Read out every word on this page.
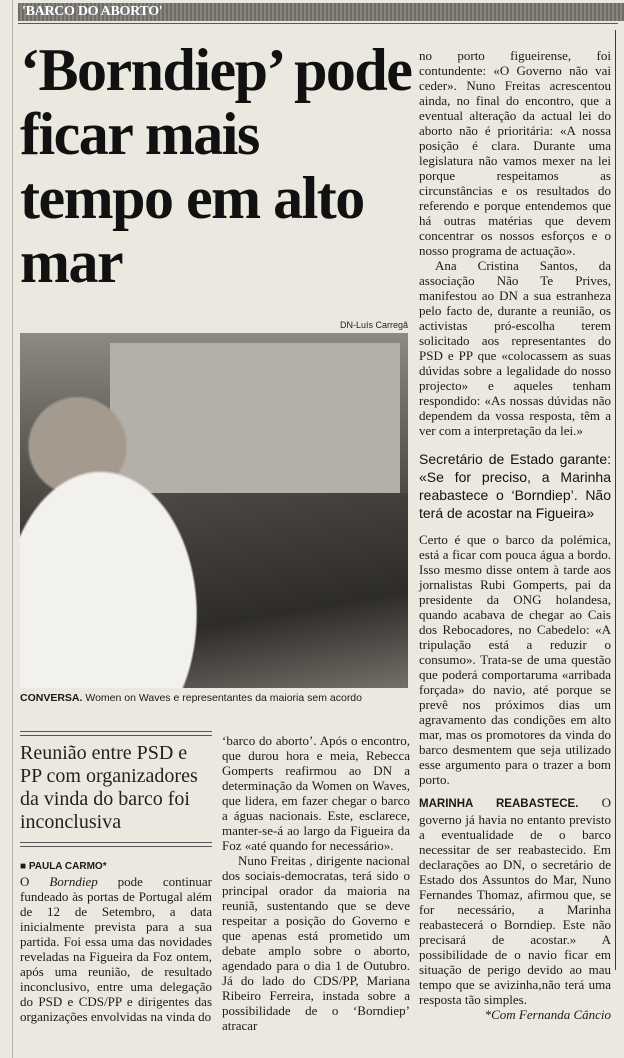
'BARCO DO ABORTO'
‘Borndiep’ pode ficar mais tempo em alto mar
DN-Luís Carregã
CONVERSA. Women on Waves e representantes da maioria sem acordo
Reunião entre PSD e PP com organizadores da vinda do barco foi inconclusiva
■ PAULA CARMO*

O Borndiep pode continuar fundeado às portas de Portugal além de 12 de Setembro, a data inicialmente prevista para a sua partida. Foi essa uma das novidades reveladas na Figueira da Foz ontem, após uma reunião, de resultado inconclusivo, entre uma delegação do PSD e CDS/PP e dirigentes das organizações envolvidas na vinda do

‘barco do aborto’. Após o encontro, que durou hora e meia, Rebecca Gomperts reafirmou ao DN a determinação da Women on Waves, que lidera, em fazer chegar o barco a águas nacionais. Este, esclarece, manter-se-á ao largo da Figueira da Foz «até quando for necessário».

Nuno Freitas , dirigente nacional dos sociais-democratas, terá sido o principal orador da maioria na reuniã, sustentando que se deve respeitar a posição do Governo e que apenas está prometido um debate amplo sobre o aborto, agendado para o dia 1 de Outubro. Já do lado do CDS/PP, Mariana Ribeiro Ferreira, instada sobre a possibilidade de o ‘Borndiep’ atracar

no porto figueirense, foi contundente: «O Governo não vai ceder». Nuno Freitas acrescentou ainda, no final do encontro, que a eventual alteração da actual lei do aborto não é prioritária: «A nossa posição é clara. Durante uma legislatura não vamos mexer na lei porque respeitamos as circunstâncias e os resultados do referendo e porque entendemos que há outras matérias que devem concentrar os nossos esforços e o nosso programa de actuação».

Ana Cristina Santos, da associação Não Te Prives, manifestou ao DN a sua estranheza pelo facto de, durante a reunião, os activistas pró-escolha terem solicitado aos representantes do PSD e PP que «colocassem as suas dúvidas sobre a legalidade do nosso projecto» e aqueles tenham respondido: «As nossas dúvidas não dependem da vossa resposta, têm a ver com a interpretação da lei.»

Secretário de Estado garante: «Se for preciso, a Marinha reabastece o ‘Borndiep’. Não terá de acostar na Figueira»

Certo é que o barco da polémica, está a ficar com pouca água a bordo. Isso mesmo disse ontem à tarde aos jornalistas Rubi Gomperts, pai da presidente da ONG holandesa, quando acabava de chegar ao Cais dos Rebocadores, no Cabedelo: «A tripulação está a reduzir o consumo». Trata-se de uma questão que poderá comportaruma «arribada forçada» do navio, até porque se prevê nos próximos dias um agravamento das condições em alto mar, mas os promotores da vinda do barco desmentem que seja utilizado esse argumento para o trazer a bom porto.

MARINHA REABASTECE. O governo já havia no entanto previsto a eventualidade de o barco necessitar de ser reabastecido. Em declarações ao DN, o secretário de Estado dos Assuntos do Mar, Nuno Fernandes Thomaz, afirmou que, se for necessário, a Marinha reabastecerá o Borndiep. Este não precisará de acostar.» A possibilidade de o navio ficar em situação de perigo devido ao mau tempo que se avizinha,não terá uma resposta tão simples.

*Com Fernanda Câncio
